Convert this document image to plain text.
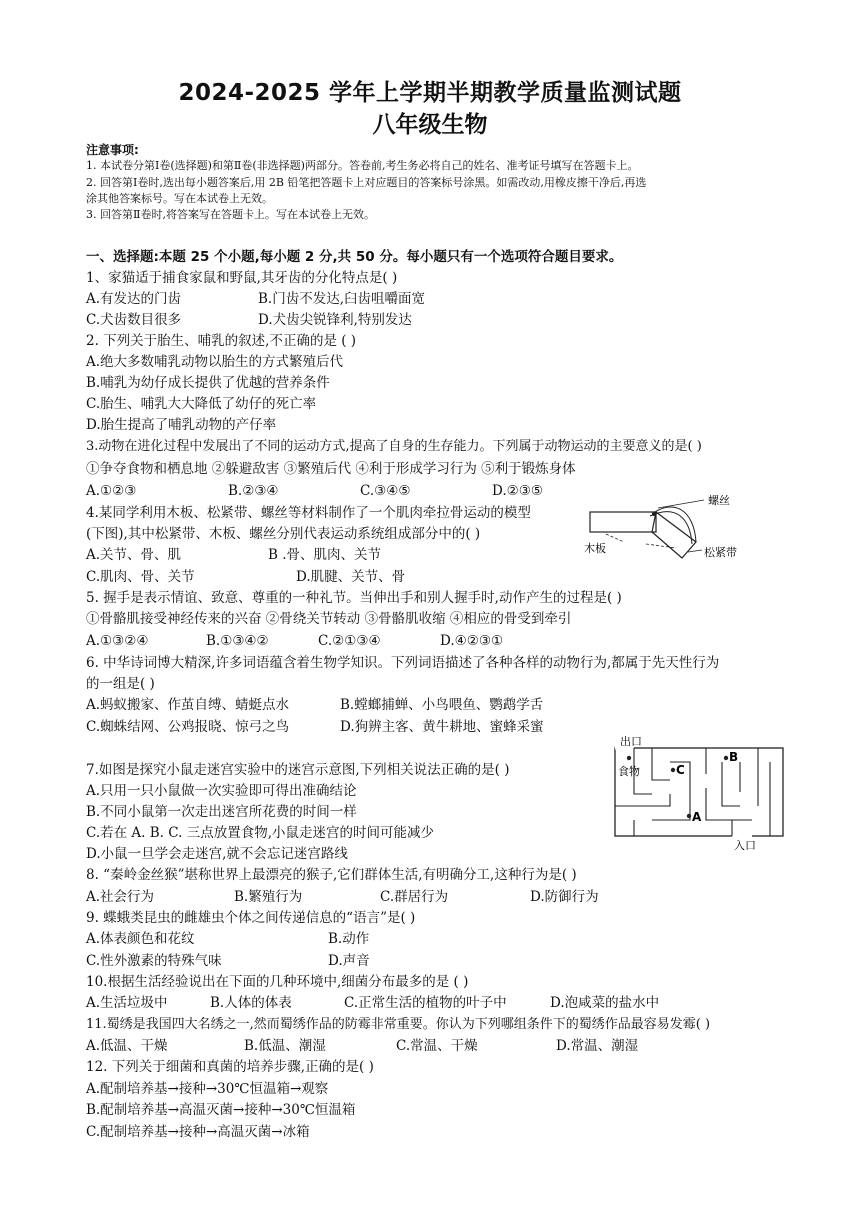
2024-2025 学年上学期半期教学质量监测试题
八年级生物
注意事项:
1. 本试卷分第Ⅰ卷(选择题)和第Ⅱ卷(非选择题)两部分。答卷前,考生务必将自己的姓名、准考证号填写在答题卡上。
2. 回答第Ⅰ卷时,选出每小题答案后,用 2B 铅笔把答题卡上对应题目的答案标号涂黑。如需改动,用橡皮擦干净后,再选
涂其他答案标号。写在本试卷上无效。
3. 回答第Ⅱ卷时,将答案写在答题卡上。写在本试卷上无效。
一、选择题:本题 25 个小题,每小题 2 分,共 50 分。每小题只有一个选项符合题目要求。
1、家猫适于捕食家鼠和野鼠,其牙齿的分化特点是( )
A.有发达的门齿	B.门齿不发达,臼齿咀嚼面宽
C.犬齿数目很多	D.犬齿尖锐锋利,特别发达
2. 下列关于胎生、哺乳的叙述,不正确的是 ( )
A.绝大多数哺乳动物以胎生的方式繁殖后代
B.哺乳为幼仔成长提供了优越的营养条件
C.胎生、哺乳大大降低了幼仔的死亡率
D.胎生提高了哺乳动物的产仔率
3.动物在进化过程中发展出了不同的运动方式,提高了自身的生存能力。下列属于动物运动的主要意义的是( )
①争夺食物和栖息地 ②躲避敌害 ③繁殖后代 ④利于形成学习行为 ⑤利于锻炼身体
A.①②③	B.②③④	C.③④⑤	D.②③⑤
4.某同学利用木板、松紧带、螺丝等材料制作了一个肌肉牵拉骨运动的模型
(下图),其中松紧带、木板、螺丝分别代表运动系统组成部分中的( )
A.关节、骨、肌	B .骨、肌肉、关节
C.肌肉、骨、关节	D.肌腱、关节、骨
螺丝
木板	松紧带
5. 握手是表示情谊、致意、尊重的一种礼节。当伸出手和别人握手时,动作产生的过程是( )
①骨骼肌接受神经传来的兴奋 ②骨绕关节转动 ③骨骼肌收缩 ④相应的骨受到牵引
A.①③②④	B.①③④②	C.②①③④	D.④②③①
6. 中华诗词博大精深,许多词语蕴含着生物学知识。下列词语描述了各种各样的动物行为,都属于先天性行为
的一组是( )
A.蚂蚁搬家、作茧自缚、蜻蜓点水	B.螳螂捕蝉、小鸟喂鱼、鹦鹉学舌
C.蜘蛛结网、公鸡报晓、惊弓之鸟	D.狗辨主客、黄牛耕地、蜜蜂采蜜
出口
食物	C
B
A
入口
7.如图是探究小鼠走迷宫实验中的迷宫示意图,下列相关说法正确的是( )
A.只用一只小鼠做一次实验即可得出准确结论
B.不同小鼠第一次走出迷宫所花费的时间一样
C.若在 A. B. C. 三点放置食物,小鼠走迷宫的时间可能减少
D.小鼠一旦学会走迷宫,就不会忘记迷宫路线
8. “秦岭金丝猴”堪称世界上最漂亮的猴子,它们群体生活,有明确分工,这种行为是( )
A.社会行为	B.繁殖行为	C.群居行为	D.防御行为
9. 蝶蛾类昆虫的雌雄虫个体之间传递信息的“语言”是( )
A.体表颜色和花纹	B.动作
C.性外激素的特殊气味	D.声音
10.根据生活经验说出在下面的几种环境中,细菌分布最多的是 ( )
A.生活垃圾中	B.人体的体表	C.正常生活的植物的叶子中	D.泡咸菜的盐水中
11.蜀绣是我国四大名绣之一,然而蜀绣作品的防霉非常重要。你认为下列哪组条件下的蜀绣作品最容易发霉( )
A.低温、干燥	B.低温、潮湿	C.常温、干燥	D.常温、潮湿
12. 下列关于细菌和真菌的培养步骤,正确的是( )
A.配制培养基→接种→30℃恒温箱→观察
B.配制培养基→高温灭菌→接种→30℃恒温箱
C.配制培养基→接种→高温灭菌→冰箱
